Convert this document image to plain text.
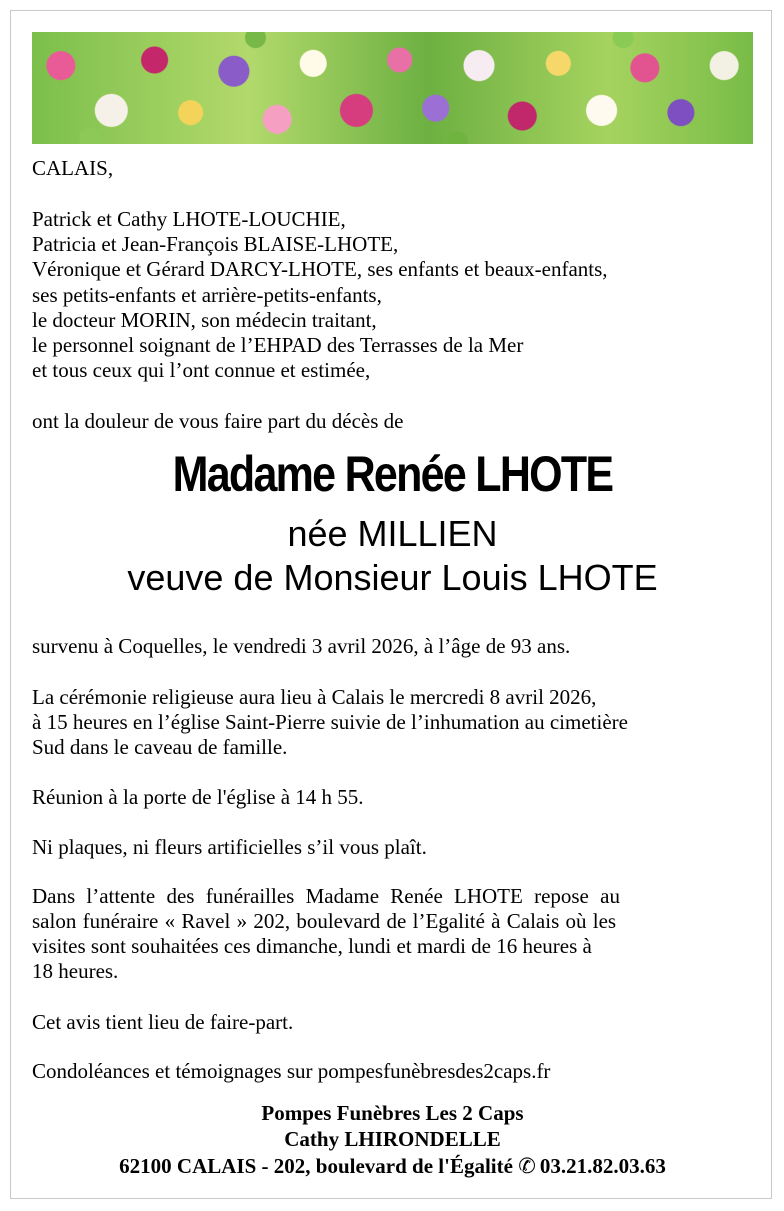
CALAIS,

Patrick et Cathy LHOTE-LOUCHIE,

Patricia et Jean-François BLAISE-LHOTE,

Véronique et Gérard DARCY-LHOTE, ses enfants et beaux-enfants,

ses petits-enfants et arrière-petits-enfants,

le docteur MORIN, son médecin traitant,

le personnel soignant de l’EHPAD des Terrasses de la Mer

et tous ceux qui l’ont connue et estimée,

ont la douleur de vous faire part du décès de

Madame Renée LHOTE

née MILLIEN

veuve de Monsieur Louis LHOTE

survenu à Coquelles, le vendredi 3 avril 2026, à l’âge de 93 ans.

La cérémonie religieuse aura lieu à Calais le mercredi 8 avril 2026,

à 15 heures en l’église Saint-Pierre suivie de l’inhumation au cimetière

Sud dans le caveau de famille.

Réunion à la porte de l'église à 14 h 55.

Ni plaques, ni fleurs artificielles s’il vous plaît.

Dans l’attente des funérailles Madame Renée LHOTE repose au

salon funéraire « Ravel » 202, boulevard de l’Egalité à Calais où les

visites sont souhaitées ces dimanche, lundi et mardi de 16 heures à

18 heures.

Cet avis tient lieu de faire-part.

Condoléances et témoignages sur pompesfunèbresdes2caps.fr

Pompes Funèbres Les 2 Caps

Cathy LHIRONDELLE

62100 CALAIS - 202, boulevard de l'Égalité ✆ 03.21.82.03.63
